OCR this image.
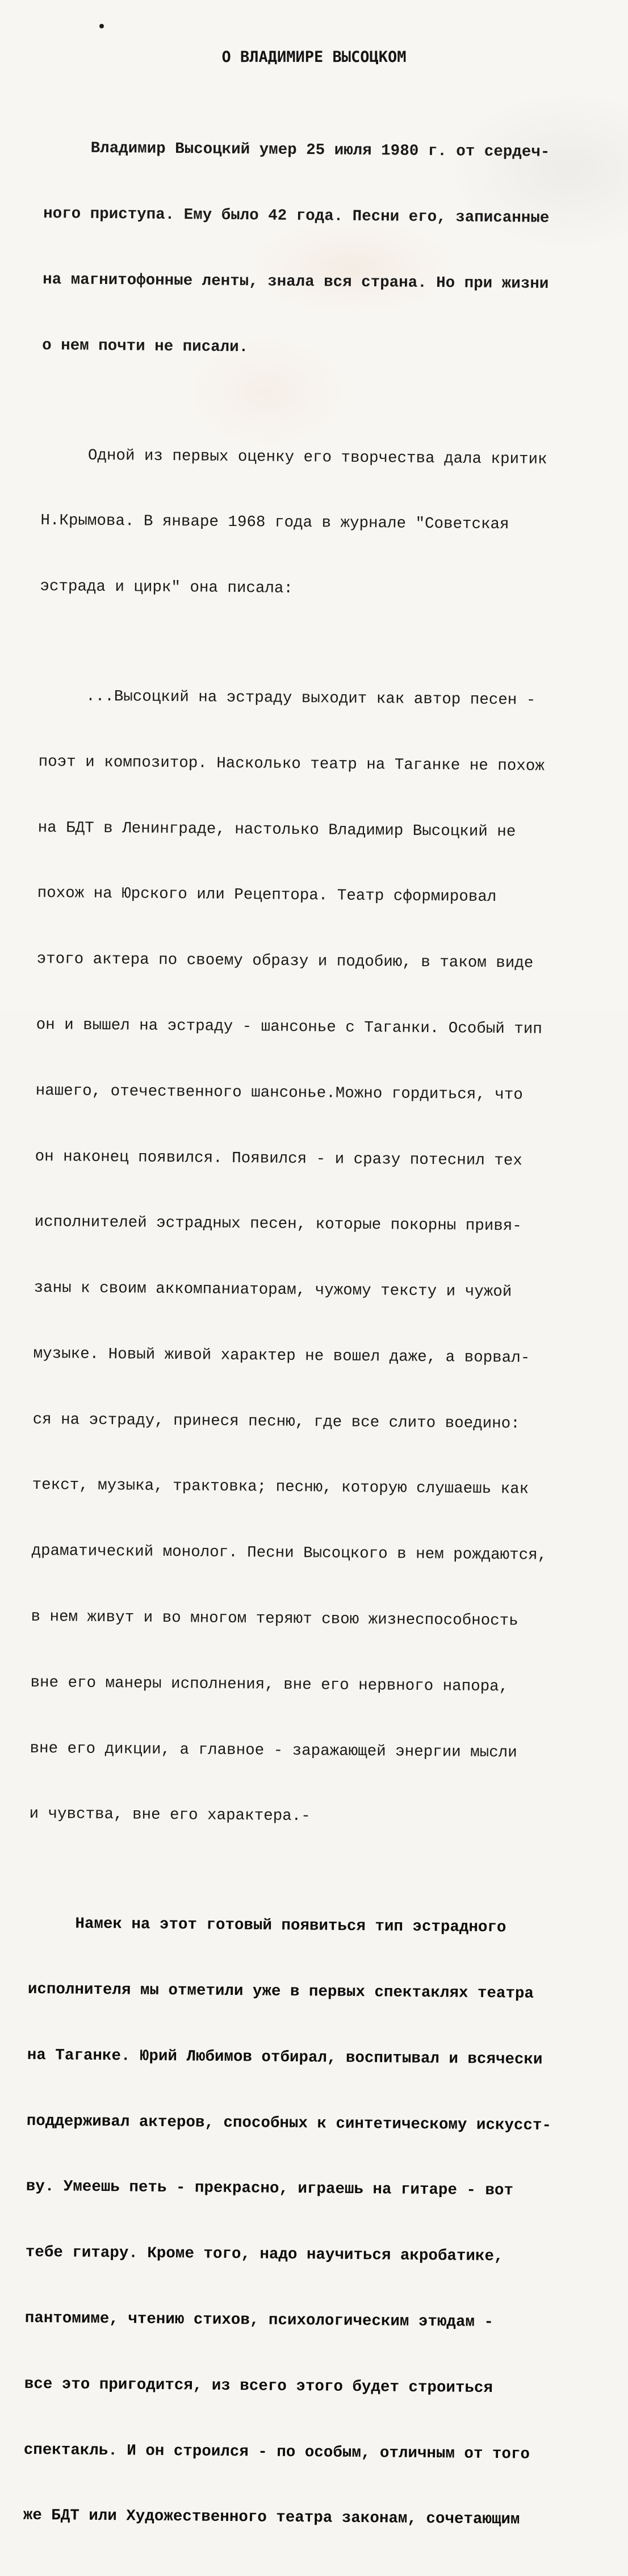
О ВЛАДИМИРЕ ВЫСОЦКОМ

Владимир Высоцкий умер 25 июля 1980 г. от сердеч-

ного приступа. Ему было 42 года. Песни его, записанные

на магнитофонные ленты, знала вся страна. Но при жизни

о нем почти не писали.

Одной из первых оценку его творчества дала критик

Н.Крымова. В январе 1968 года в журнале "Советская

эстрада и цирк" она писала:

...Высоцкий на эстраду выходит как автор песен -

поэт и композитор. Насколько театр на Таганке не похож

на БДТ в Ленинграде, настолько Владимир Высоцкий не

похож на Юрского или Рецептора. Театр сформировал

этого актера по своему образу и подобию, в таком виде

он и вышел на эстраду - шансонье с Таганки. Особый тип

нашего, отечественного шансонье.Можно гордиться, что

он наконец появился. Появился - и сразу потеснил тех

исполнителей эстрадных песен, которые покорны привя-

заны к своим аккомпаниаторам, чужому тексту и чужой

музыке. Новый живой характер не вошел даже, а ворвал-

ся на эстраду, принеся песню, где все слито воедино:

текст, музыка, трактовка; песню, которую слушаешь как

драматический монолог. Песни Высоцкого в нем рождаются,

в нем живут и во многом теряют свою жизнеспособность

вне его манеры исполнения, вне его нервного напора,

вне его дикции, а главное - заражающей энергии мысли

и чувства, вне его характера.-

Намек на этот готовый появиться тип эстрадного

исполнителя мы отметили уже в первых спектаклях театра

на Таганке. Юрий Любимов отбирал, воспитывал и всячески

поддерживал актеров, способных к синтетическому искусст-

ву. Умеешь петь - прекрасно, играешь на гитаре - вот

тебе гитару. Кроме того, надо научиться акробатике,

пантомиме, чтению стихов, психологическим этюдам -

все это пригодится, из всего этого будет строиться

спектакль. И он строился - по особым, отличным от того

же БДТ или Художественного театра законам, сочетающим
